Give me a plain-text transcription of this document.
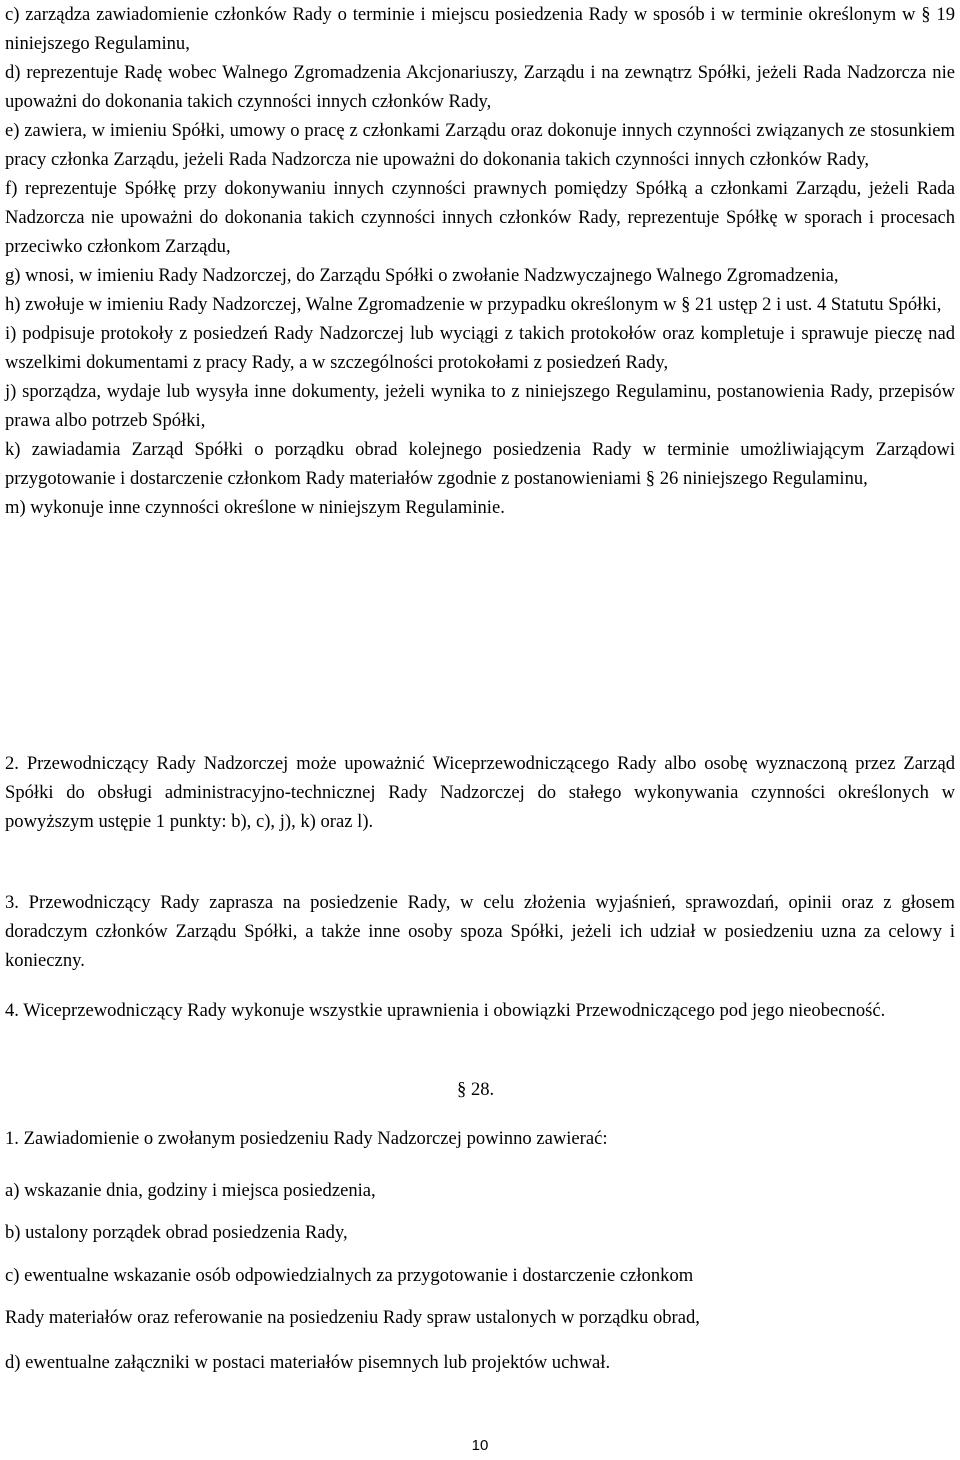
c) zarządza zawiadomienie członków Rady o terminie i miejscu posiedzenia Rady w sposób i w terminie określonym w § 19 niniejszego Regulaminu,

d) reprezentuje Radę wobec Walnego Zgromadzenia Akcjonariuszy, Zarządu i na zewnątrz Spółki, jeżeli Rada Nadzorcza nie upoważni do dokonania takich czynności innych członków Rady,

e) zawiera, w imieniu Spółki, umowy o pracę z członkami Zarządu oraz dokonuje innych czynności związanych ze stosunkiem pracy członka Zarządu, jeżeli Rada Nadzorcza nie upoważni do dokonania takich czynności innych członków Rady,

f) reprezentuje Spółkę przy dokonywaniu innych czynności prawnych pomiędzy Spółką a członkami Zarządu, jeżeli Rada Nadzorcza nie upoważni do dokonania takich czynności innych członków Rady, reprezentuje Spółkę w sporach i procesach przeciwko członkom Zarządu,

g) wnosi, w imieniu Rady Nadzorczej, do Zarządu Spółki o zwołanie Nadzwyczajnego Walnego Zgromadzenia,

h) zwołuje w imieniu Rady Nadzorczej, Walne Zgromadzenie w przypadku określonym w § 21 ustęp 2 i ust. 4 Statutu Spółki,

i) podpisuje protokoły z posiedzeń Rady Nadzorczej lub wyciągi z takich protokołów oraz kompletuje i sprawuje pieczę nad wszelkimi dokumentami z pracy Rady, a w szczególności protokołami z posiedzeń Rady,

j) sporządza, wydaje lub wysyła inne dokumenty, jeżeli wynika to z niniejszego Regulaminu, postanowienia Rady, przepisów prawa albo potrzeb Spółki,

k) zawiadamia Zarząd Spółki o porządku obrad kolejnego posiedzenia Rady w terminie umożliwiającym Zarządowi przygotowanie i dostarczenie członkom Rady materiałów zgodnie z postanowieniami § 26 niniejszego Regulaminu,

m) wykonuje inne czynności określone w niniejszym Regulaminie.

2. Przewodniczący Rady Nadzorczej może upoważnić Wiceprzewodniczącego Rady albo osobę wyznaczoną przez Zarząd Spółki do obsługi administracyjno-technicznej Rady Nadzorczej do stałego wykonywania czynności określonych w powyższym ustępie 1 punkty: b), c), j), k) oraz l).

3. Przewodniczący Rady zaprasza na posiedzenie Rady, w celu złożenia wyjaśnień, sprawozdań, opinii oraz z głosem doradczym członków Zarządu Spółki, a także inne osoby spoza Spółki, jeżeli ich udział w posiedzeniu uzna za celowy i konieczny.

4. Wiceprzewodniczący Rady wykonuje wszystkie uprawnienia i obowiązki Przewodniczącego pod jego nieobecność.

§ 28.

1. Zawiadomienie o zwołanym posiedzeniu Rady Nadzorczej powinno zawierać:

a) wskazanie dnia, godziny i miejsca posiedzenia,

b) ustalony porządek obrad posiedzenia Rady,

c) ewentualne wskazanie osób odpowiedzialnych za przygotowanie i dostarczenie członkom

Rady materiałów oraz referowanie na posiedzeniu Rady spraw ustalonych w porządku obrad,

d) ewentualne załączniki w postaci materiałów pisemnych lub projektów uchwał.

10
